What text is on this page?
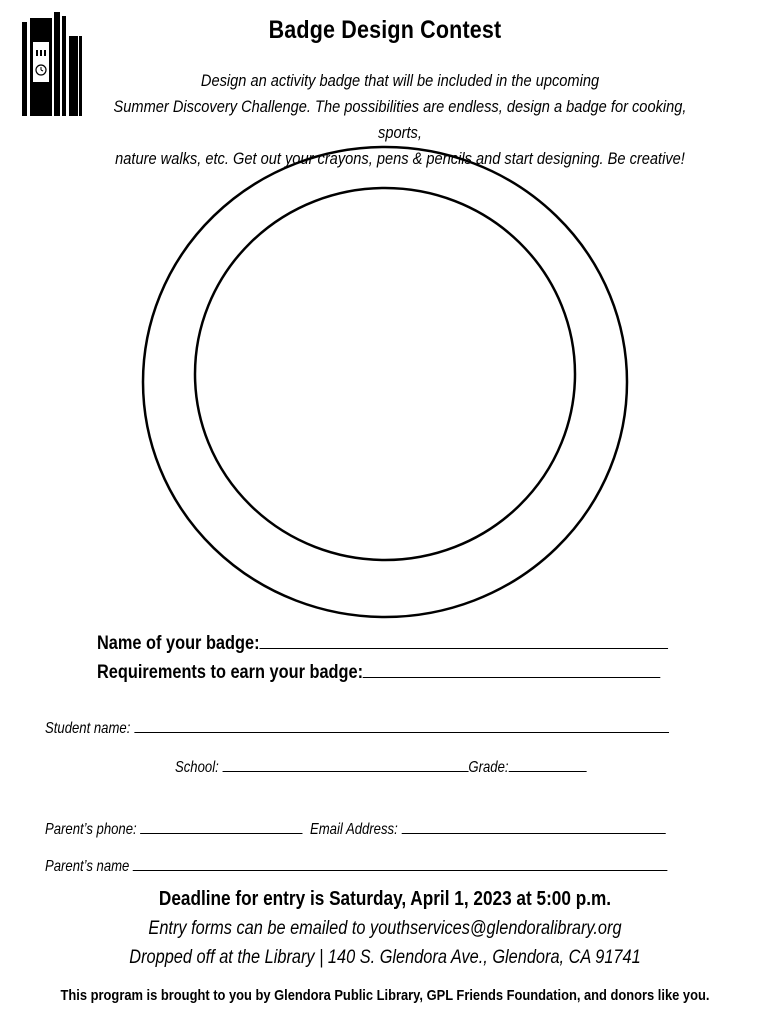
Badge Design Contest
Design an activity badge that will be included in the upcoming
Summer Discovery Challenge. The possibilities are endless, design a badge for cooking, sports,
nature walks, etc. Get out your crayons, pens & pencils and start designing. Be creative!
Name of your badge:
Requirements to earn your badge:
Student name:
School:	Grade:
Parent’s phone:	Email Address:
Parent’s name
Deadline for entry is Saturday, April 1, 2023 at 5:00 p.m.
Entry forms can be emailed to youthservices@glendoralibrary.org
Dropped off at the Library | 140 S. Glendora Ave., Glendora, CA 91741
This program is brought to you by Glendora Public Library, GPL Friends Foundation, and donors like you.
